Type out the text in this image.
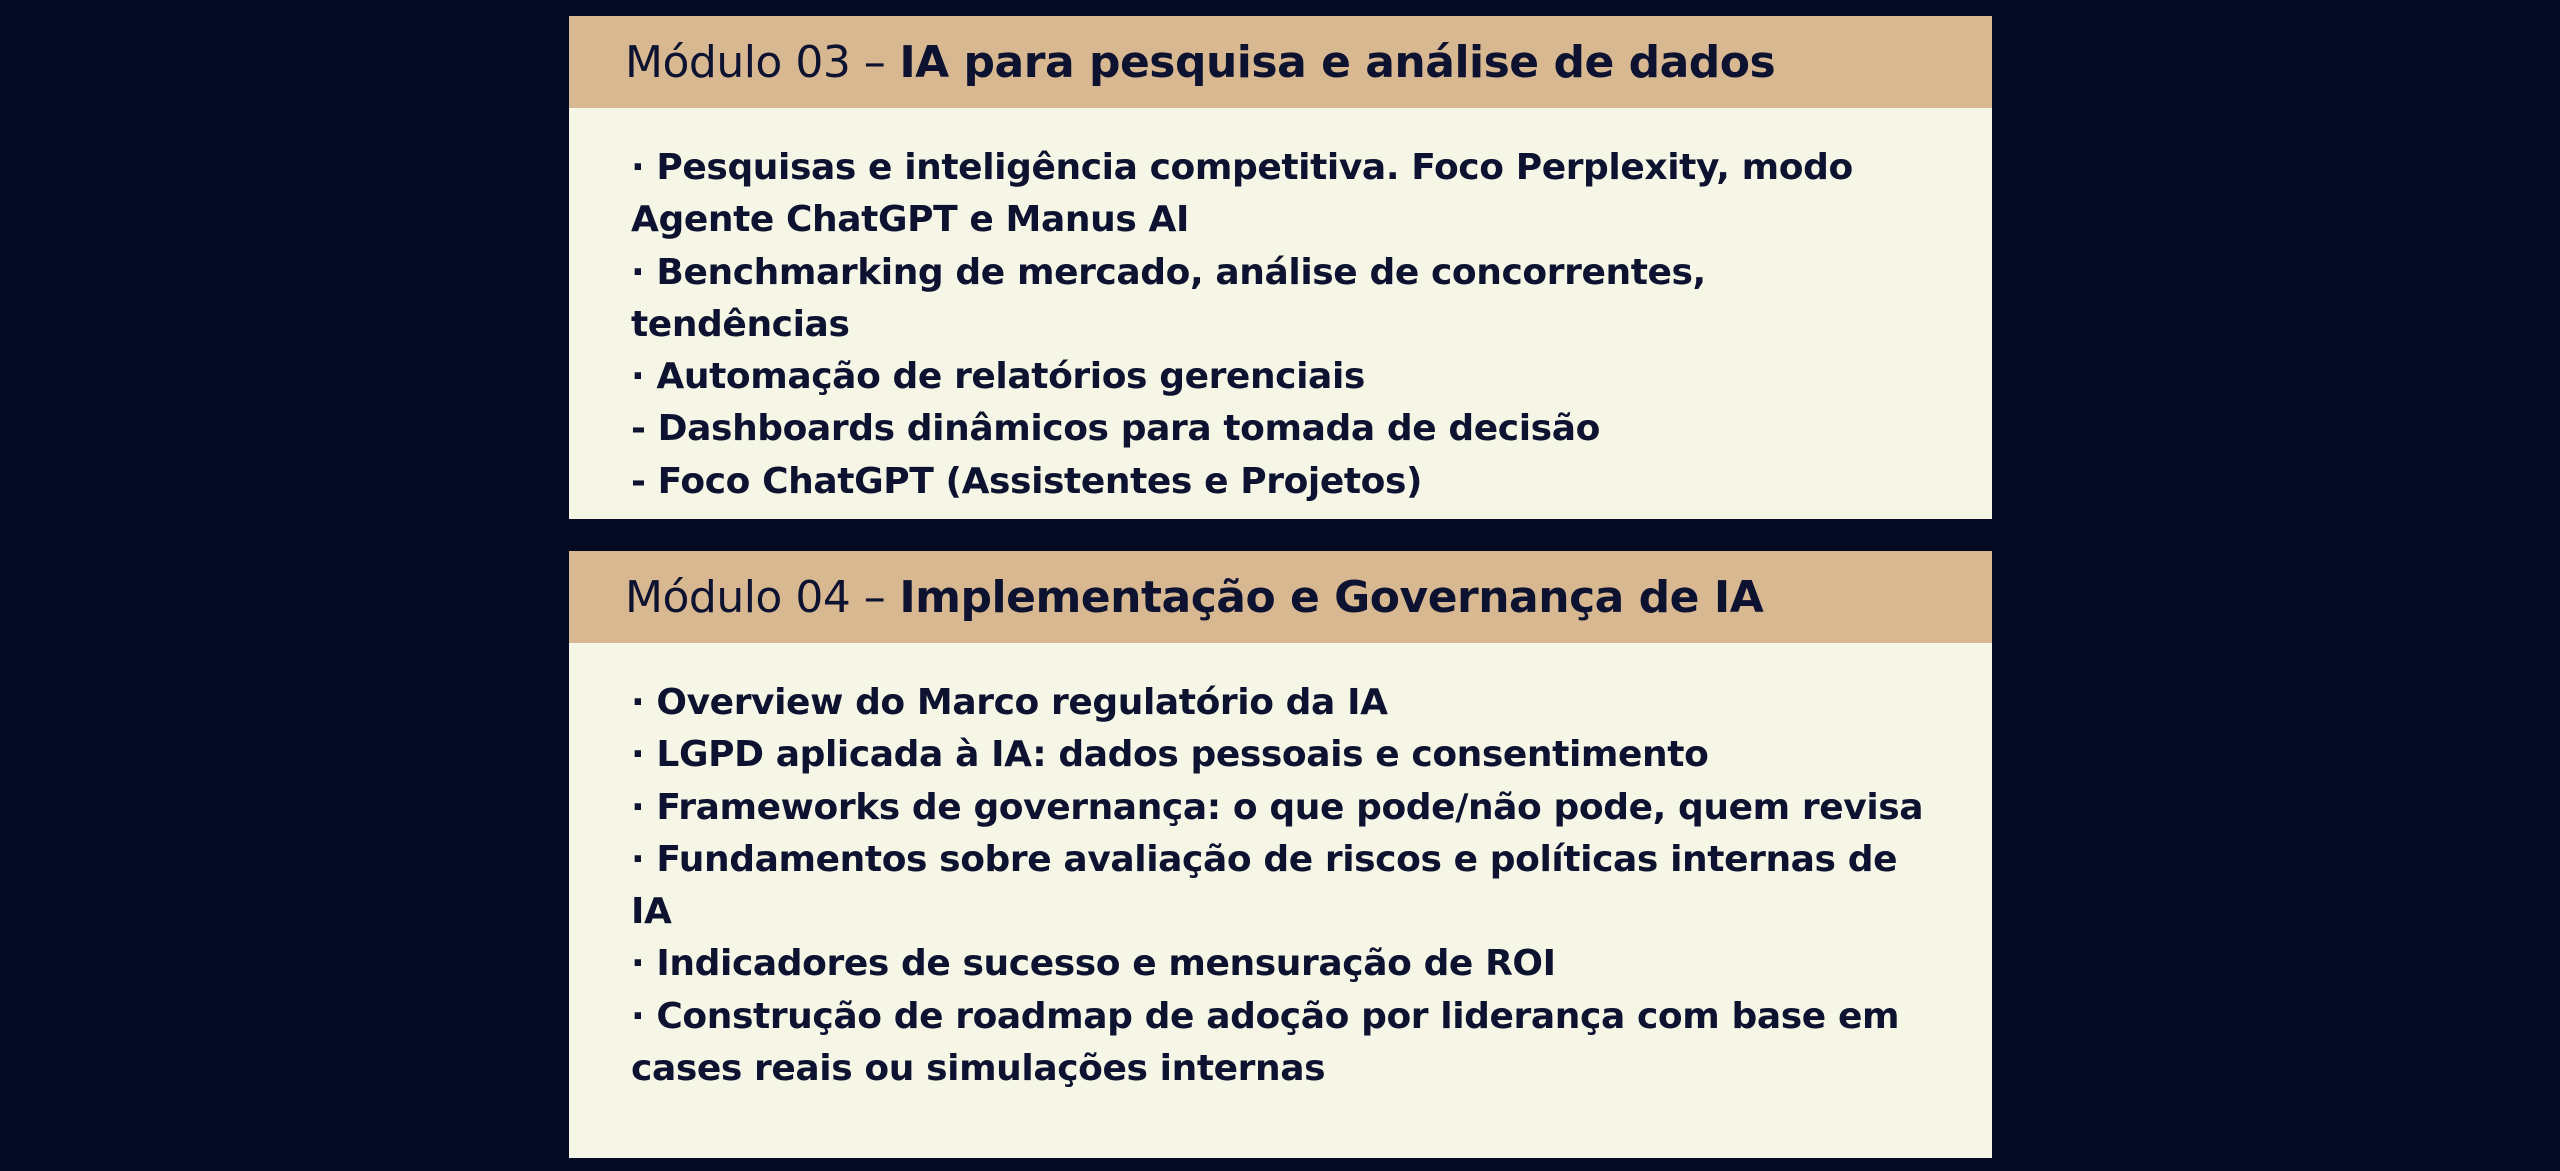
Módulo 03 – IA para pesquisa e análise de dados

· Pesquisas e inteligência competitiva. Foco Perplexity, modo Agente ChatGPT e Manus AI

· Benchmarking de mercado, análise de concorrentes, tendências

· Automação de relatórios gerenciais

- Dashboards dinâmicos para tomada de decisão

- Foco ChatGPT (Assistentes e Projetos)

Módulo 04 – Implementação e Governança de IA

· Overview do Marco regulatório da IA

· LGPD aplicada à IA: dados pessoais e consentimento

· Frameworks de governança: o que pode/não pode, quem revisa

· Fundamentos sobre avaliação de riscos e políticas internas de IA

· Indicadores de sucesso e mensuração de ROI

· Construção de roadmap de adoção por liderança com base em cases reais ou simulações internas
